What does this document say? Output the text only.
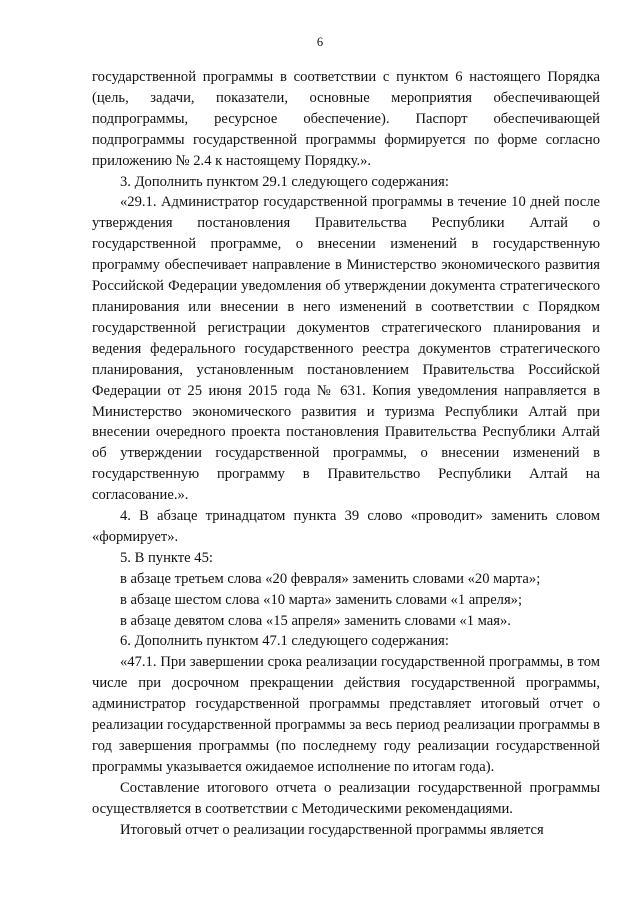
6

государственной программы в соответствии с пунктом 6 настоящего Порядка (цель, задачи, показатели, основные мероприятия обеспечивающей подпрограммы, ресурсное обеспечение). Паспорт обеспечивающей подпрограммы государственной программы формируется по форме согласно приложению № 2.4 к настоящему Порядку.».

3. Дополнить пунктом 29.1 следующего содержания:

«29.1. Администратор государственной программы в течение 10 дней после утверждения постановления Правительства Республики Алтай о государственной программе, о внесении изменений в государственную программу обеспечивает направление в Министерство экономического развития Российской Федерации уведомления об утверждении документа стратегического планирования или внесении в него изменений в соответствии с Порядком государственной регистрации документов стратегического планирования и ведения федерального государственного реестра документов стратегического планирования, установленным постановлением Правительства Российской Федерации от 25 июня 2015 года № 631. Копия уведомления направляется в Министерство экономического развития и туризма Республики Алтай при внесении очередного проекта постановления Правительства Республики Алтай об утверждении государственной программы, о внесении изменений в государственную программу в Правительство Республики Алтай на согласование.».

4. В абзаце тринадцатом пункта 39 слово «проводит» заменить словом «формирует».

5. В пункте 45:

в абзаце третьем слова «20 февраля» заменить словами «20 марта»;

в абзаце шестом слова «10 марта» заменить словами «1 апреля»;

в абзаце девятом слова «15 апреля» заменить словами «1 мая».

6. Дополнить пунктом 47.1 следующего содержания:

«47.1. При завершении срока реализации государственной программы, в том числе при досрочном прекращении действия государственной программы, администратор государственной программы представляет итоговый отчет о реализации государственной программы за весь период реализации программы в год завершения программы (по последнему году реализации государственной программы указывается ожидаемое исполнение по итогам года).

Составление итогового отчета о реализации государственной программы осуществляется в соответствии с Методическими рекомендациями.

Итоговый отчет о реализации государственной программы является
